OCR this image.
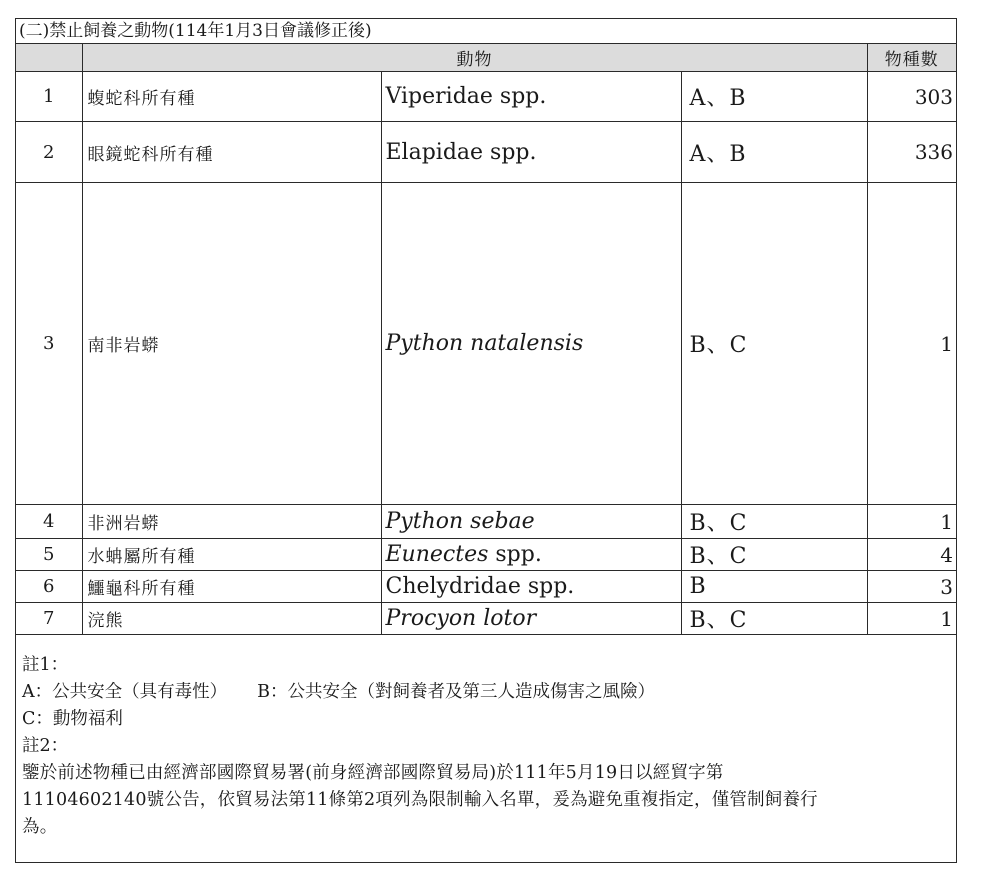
(二)禁止飼養之動物(114年1月3日會議修正後)
	動物			物種數
1	蝮蛇科所有種	Viperidae spp.	A、B	303
2	眼鏡蛇科所有種	Elapidae spp.	A、B	336
3	南非岩蟒	Python natalensis	B、C	1
4	非洲岩蟒	Python sebae	B、C	1
5	水蚺屬所有種	Eunectes spp.	B、C	4
6	鱷龜科所有種	Chelydridae spp.	B	3
7	浣熊	Procyon lotor	B、C	1
註1：
A：公共安全（具有毒性） B：公共安全（對飼養者及第三人造成傷害之風險）
C：動物福利
註2：
鑒於前述物種已由經濟部國際貿易署(前身經濟部國際貿易局)於111年5月19日以經貿字第
11104602140號公告，依貿易法第11條第2項列為限制輸入名單，爰為避免重複指定，僅管制飼養行
為。
